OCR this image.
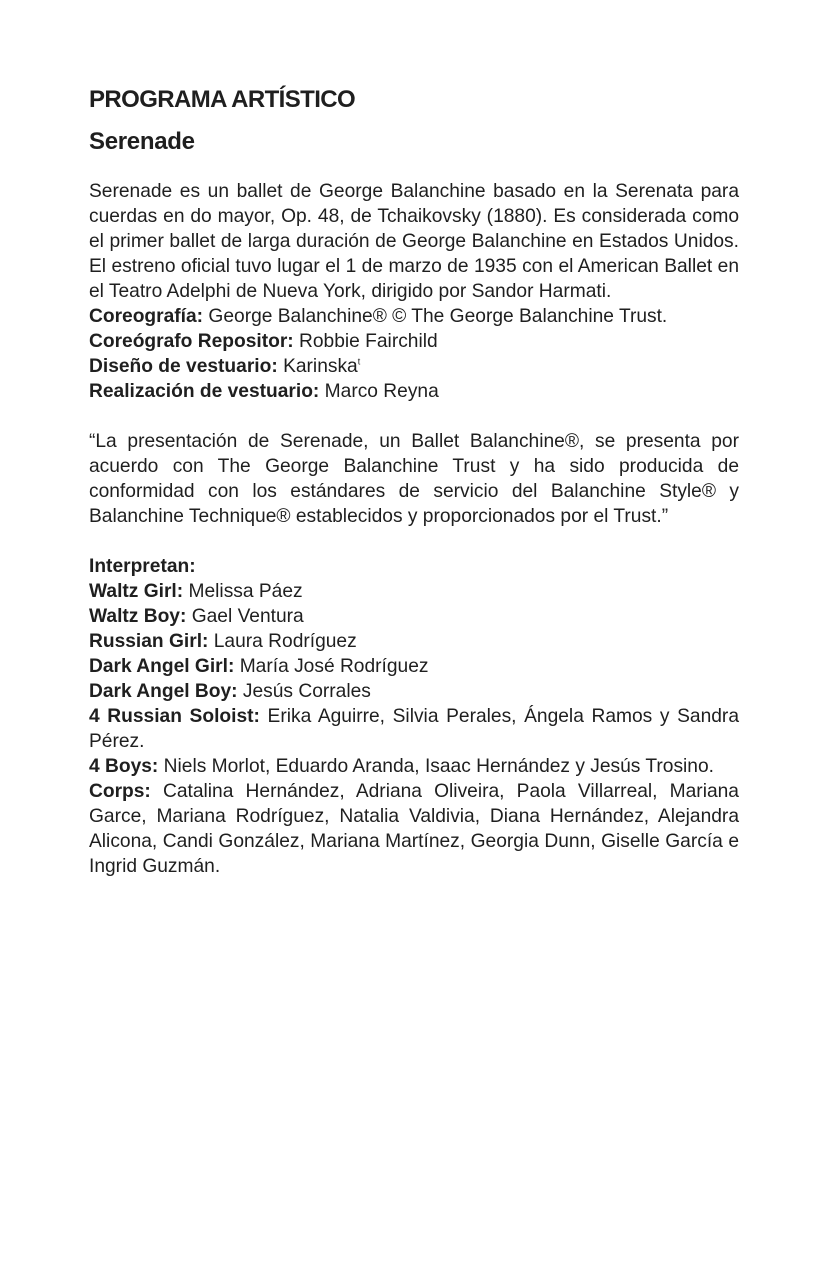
PROGRAMA ARTÍSTICO
Serenade

Serenade es un ballet de George Balanchine basado en la Serenata para cuerdas en do mayor, Op. 48, de Tchaikovsky (1880). Es considerada como el primer ballet de larga duración de George Balanchine en Estados Unidos. El estreno oficial tuvo lugar el 1 de marzo de 1935 con el American Ballet en el Teatro Adelphi de Nueva York, dirigido por Sandor Harmati.

Coreografía: George Balanchine® © The George Balanchine Trust.

Coreógrafo Repositor: Robbie Fairchild

Diseño de vestuario: Karinska$^t$

Realización de vestuario: Marco Reyna

“La presentación de Serenade, un Ballet Balanchine®, se presenta por acuerdo con The George Balanchine Trust y ha sido producida de conformidad con los estándares de servicio del Balanchine Style® y Balanchine Technique® establecidos y proporcionados por el Trust.”

Interpretan:

Waltz Girl: Melissa Páez

Waltz Boy: Gael Ventura

Russian Girl: Laura Rodríguez

Dark Angel Girl: María José Rodríguez

Dark Angel Boy: Jesús Corrales

4 Russian Soloist: Erika Aguirre, Silvia Perales, Ángela Ramos y Sandra Pérez.

4 Boys: Niels Morlot, Eduardo Aranda, Isaac Hernández y Jesús Trosino.

Corps: Catalina Hernández, Adriana Oliveira, Paola Villarreal, Mariana Garce, Mariana Rodríguez, Natalia Valdivia, Diana Hernández, Alejandra Alicona, Candi González, Mariana Martínez, Georgia Dunn, Giselle García e Ingrid Guzmán.
